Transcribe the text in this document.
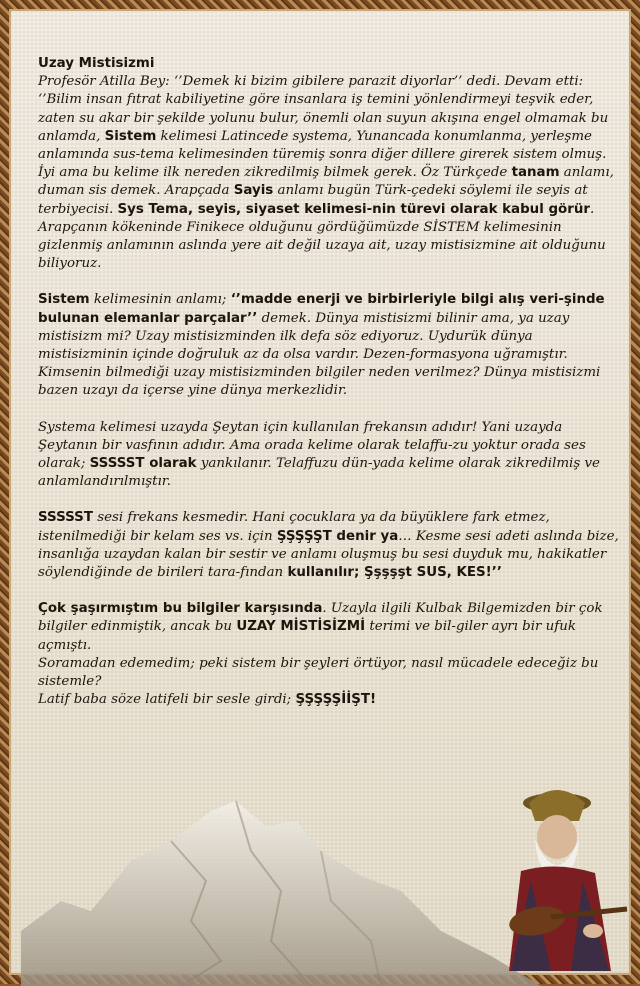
Uzay Mistisizmi

Profesör Atilla Bey: ‘’Demek ki bizim gibilere parazit diyorlar’’ dedi. Devam etti: ‘’Bilim insan fıtrat kabiliyetine göre insanlara iş temini yönlendirmeyi teşvik eder, zaten su akar bir şekilde yolunu bulur, önemli olan suyun akışına engel olmamak bu anlamda, Sistem kelimesi Latincede systema, Yunancada konumlanma, yerleşme anlamında sus-tema kelimesinden türemiş sonra diğer dillere girerek sistem olmuş. İyi ama bu kelime ilk nereden zikredilmiş bilmek gerek. Öz Türkçede tanam anlamı, duman sis demek. Arapçada Sayis anlamı bugün Türk-çedeki söylemi ile seyis at terbiyecisi. Sys Tema, seyis, siyaset kelimesi-nin türevi olarak kabul görür. Arapçanın kökeninde Finikece olduğunu gördüğümüzde SİSTEM kelimesinin gizlenmiş anlamının aslında yere ait değil uzaya ait, uzay mistisizmine ait olduğunu biliyoruz.

Sistem kelimesinin anlamı; ‘’madde enerji ve birbirleriyle bilgi alış veri-şinde bulunan elemanlar parçalar’’ demek. Dünya mistisizmi bilinir ama, ya uzay mistisizm mi? Uzay mistisizminden ilk defa söz ediyoruz. Uydurük dünya mistisizminin içinde doğruluk az da olsa vardır. Dezen-formasyona uğramıştır. Kimsenin bilmediği uzay mistisizminden bilgiler neden verilmez? Dünya mistisizmi bazen uzayı da içerse yine dünya merkezlidir.

Systema kelimesi uzayda Şeytan için kullanılan frekansın adıdır! Yani uzayda Şeytanın bir vasfının adıdır. Ama orada kelime olarak telaffu-zu yoktur orada ses olarak; SSSSST olarak yankılanır. Telaffuzu dün-yada kelime olarak zikredilmiş ve anlamlandırılmıştır.

SSSSST sesi frekans kesmedir. Hani çocuklara ya da büyüklere fark etmez, istenilmediği bir kelam ses vs. için ŞŞŞŞŞT denir ya… Kesme sesi adeti aslında bize, insanlığa uzaydan kalan bir sestir ve anlamı oluşmuş bu sesi duyduk mu, hakikatler söylendiğinde de birileri tara-fından kullanılır; Şşşşşt SUS, KES!’’

Çok şaşırmıştım bu bilgiler karşısında. Uzayla ilgili Kulbak Bilgemizden bir çok bilgiler edinmiştik, ancak bu UZAY MİSTİSİZMİ terimi ve bil-giler ayrı bir ufuk açmıştı.
Soramadan edemedim; peki sistem bir şeyleri örtüyor, nasıl mücadele edeceğiz bu sistemle?
Latif baba söze latifeli bir sesle girdi; ŞŞŞŞŞİİŞT!
